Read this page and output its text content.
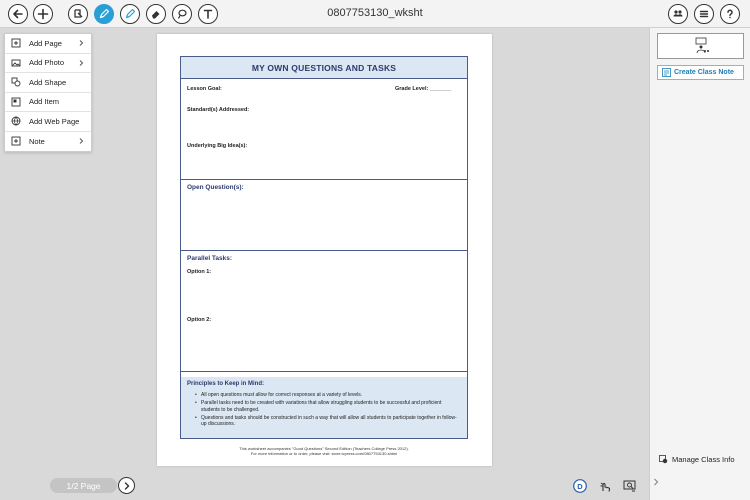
0807753130_wksht
Add Page
Add Photo
Add Shape
Add Item
Add Web Page
Note
MY OWN QUESTIONS AND TASKS
Lesson Goal:	Grade Level: _______
Standard(s) Addressed:
Underlying Big Idea(s):
Open Question(s):
Parallel Tasks:
Option 1:
Option 2:
Principles to Keep in Mind:
• All open questions must allow for correct responses at a variety of levels.
• Parallel tasks need to be created with variations that allow struggling students to be successful and proficient students to be challenged.
• Questions and tasks should be constructed in such a way that will allow all students to participate together in follow-up discussions.
This worksheet accompanies "Good Questions" Second Edition (Teachers College Press 2012).
For more information or to order, please visit: store.tcpress.com/0807753130.shtml
Create Class Note
Manage Class Info
1/2 Page	D
